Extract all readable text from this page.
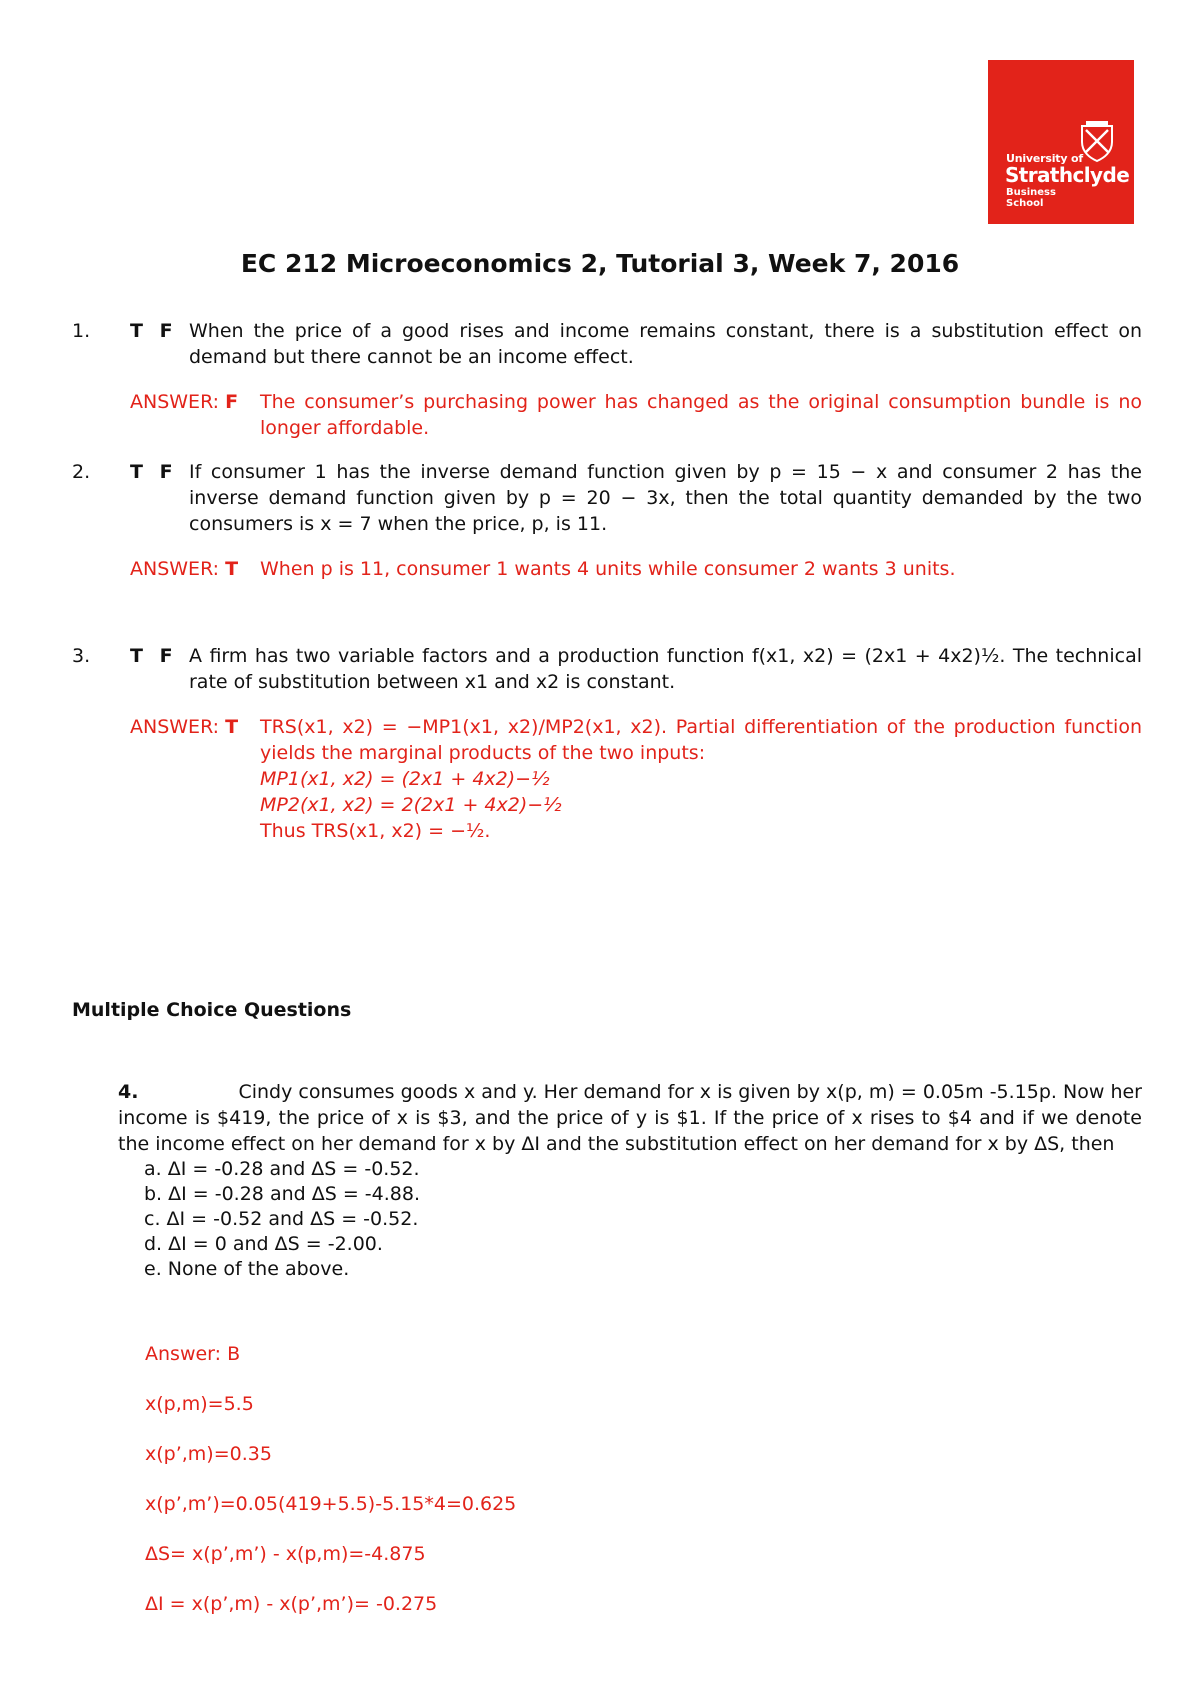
University of
Strathclyde
Business
School
EC 212 Microeconomics 2, Tutorial 3, Week 7, 2016
1. T F When the price of a good rises and income remains constant, there is a substitution effect on demand but there cannot be an income effect.
ANSWER: F The consumer’s purchasing power has changed as the original consumption bundle is no longer affordable.
2. T F If consumer 1 has the inverse demand function given by p = 15 − x and consumer 2 has the inverse demand function given by p = 20 − 3x, then the total quantity demanded by the two consumers is x = 7 when the price, p, is 11.
ANSWER: T When p is 11, consumer 1 wants 4 units while consumer 2 wants 3 units.
3. T F A firm has two variable factors and a production function f(x1, x2) = (2x1 + 4x2)½. The technical rate of substitution between x1 and x2 is constant.
ANSWER: T TRS(x1, x2) = −MP1(x1, x2)/MP2(x1, x2). Partial differentiation of the production function yields the marginal products of the two inputs:
MP1(x1, x2) = (2x1 + 4x2)−½
MP2(x1, x2) = 2(2x1 + 4x2)−½
Thus TRS(x1, x2) = −½.
Multiple Choice Questions
4.	Cindy consumes goods x and y. Her demand for x is given by x(p, m) = 0.05m -5.15p. Now her income is $419, the price of x is $3, and the price of y is $1. If the price of x rises to $4 and if we denote the income effect on her demand for x by ΔI and the substitution effect on her demand for x by ΔS, then
a. ΔI = -0.28 and ΔS = -0.52.
b. ΔI = -0.28 and ΔS = -4.88.
c. ΔI = -0.52 and ΔS = -0.52.
d. ΔI = 0 and ΔS = -2.00.
e. None of the above.
Answer: B
x(p,m)=5.5
x(p’,m)=0.35
x(p’,m’)=0.05(419+5.5)-5.15*4=0.625
ΔS= x(p’,m’) - x(p,m)=-4.875
ΔI = x(p’,m) - x(p’,m’)= -0.275
